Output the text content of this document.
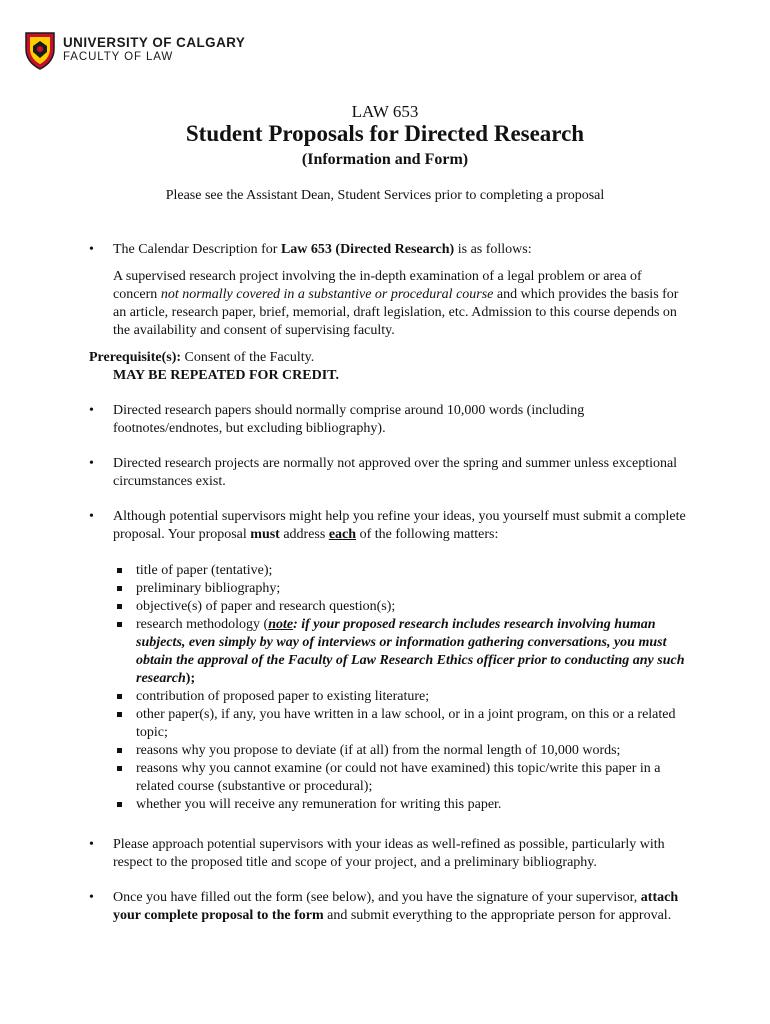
UNIVERSITY OF CALGARY
FACULTY OF LAW
LAW 653
Student Proposals for Directed Research
(Information and Form)
Please see the Assistant Dean, Student Services prior to completing a proposal
• The Calendar Description for Law 653 (Directed Research) is as follows:
A supervised research project involving the in-depth examination of a legal problem or area of concern not normally covered in a substantive or procedural course and which provides the basis for an article, research paper, brief, memorial, draft legislation, etc. Admission to this course depends on the availability and consent of supervising faculty.
Prerequisite(s): Consent of the Faculty.
MAY BE REPEATED FOR CREDIT.
• Directed research papers should normally comprise around 10,000 words (including footnotes/endnotes, but excluding bibliography).
• Directed research projects are normally not approved over the spring and summer unless exceptional circumstances exist.
• Although potential supervisors might help you refine your ideas, you yourself must submit a complete proposal. Your proposal must address each of the following matters:
title of paper (tentative);
preliminary bibliography;
objective(s) of paper and research question(s);
research methodology (note: if your proposed research includes research involving human subjects, even simply by way of interviews or information gathering conversations, you must obtain the approval of the Faculty of Law Research Ethics officer prior to conducting any such research);
contribution of proposed paper to existing literature;
other paper(s), if any, you have written in a law school, or in a joint program, on this or a related topic;
reasons why you propose to deviate (if at all) from the normal length of 10,000 words;
reasons why you cannot examine (or could not have examined) this topic/write this paper in a related course (substantive or procedural);
whether you will receive any remuneration for writing this paper.
• Please approach potential supervisors with your ideas as well-refined as possible, particularly with respect to the proposed title and scope of your project, and a preliminary bibliography.
• Once you have filled out the form (see below), and you have the signature of your supervisor, attach your complete proposal to the form and submit everything to the appropriate person for approval.
